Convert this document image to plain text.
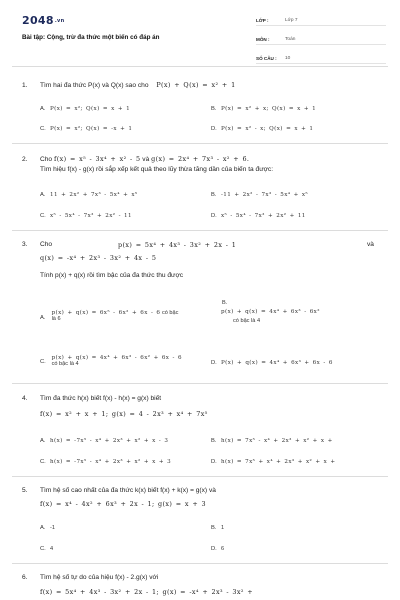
2048.vn
Bài tập: Cộng, trừ đa thức một biến có đáp án
LỚP :	Lớp 7
MÔN :	Toán
SỐ CÂU :	10
1. Tìm hai đa thức P(x) và Q(x) sao cho P(x) + Q(x) = x² + 1
A. P(x) = x²; Q(x) = x + 1	B. P(x) = x² + x; Q(x) = x + 1
C. P(x) = x²; Q(x) = -x + 1	D. P(x) = x² - x; Q(x) = x + 1
2. Cho f(x) = x⁵ - 3x⁴ + x² - 5 và g(x) = 2x⁴ + 7x³ - x² + 6.
Tìm hiệu f(x) - g(x) rồi sắp xếp kết quả theo lũy thừa tăng dần của biến ta được:
A. 11 + 2x² + 7x³ - 5x⁴ + x⁵	B. -11 + 2x² - 7x³ - 5x⁴ + x⁵
C. x⁵ - 5x⁴ - 7x³ + 2x² - 11	D. x⁵ - 5x⁴ - 7x³ + 2x² + 11
3. Cho	p(x) = 5x⁴ + 4x³ - 3x² + 2x - 1	và
q(x) = -x⁴ + 2x³ - 3x² + 4x - 5
Tính p(x) + q(x) rồi tìm bậc của đa thức thu được
A. p(x) + q(x) = 6x⁵ - 6x² + 6x - 6 có bậc
là 6
B.
p(x) + q(x) = 4x⁴ + 6x³ - 6x²
có bậc là 4
C. p(x) + q(x) = 4x⁴ + 6x³ - 6x² + 6x - 6
có bậc là 4	D. P(x) + q(x) = 4x⁴ + 6x³ + 6x - 6
4. Tìm đa thức h(x) biết f(x) - h(x) = g(x) biết
f(x) = x² + x + 1; g(x) = 4 - 2x³ + x⁴ + 7x⁵
A. h(x) = -7x⁵ - x⁴ + 2x³ + x² + x - 3	B. h(x) = 7x⁵ - x⁴ + 2x³ + x² + x +
C. h(x) = -7x⁵ - x⁴ + 2x³ + x² + x + 3	D. h(x) = 7x⁵ + x⁴ + 2x³ + x² + x +
5. Tìm hệ số cao nhất của đa thức k(x) biết f(x) + k(x) = g(x) và
f(x) = x⁴ - 4x² + 6x³ + 2x - 1; g(x) = x + 3
A. -1	B. 1
C. 4	D. 6
6. Tìm hệ số tự do của hiệu f(x) - 2.g(x) với
f(x) = 5x⁴ + 4x³ - 3x² + 2x - 1; g(x) = -x⁴ + 2x³ - 3x² +
